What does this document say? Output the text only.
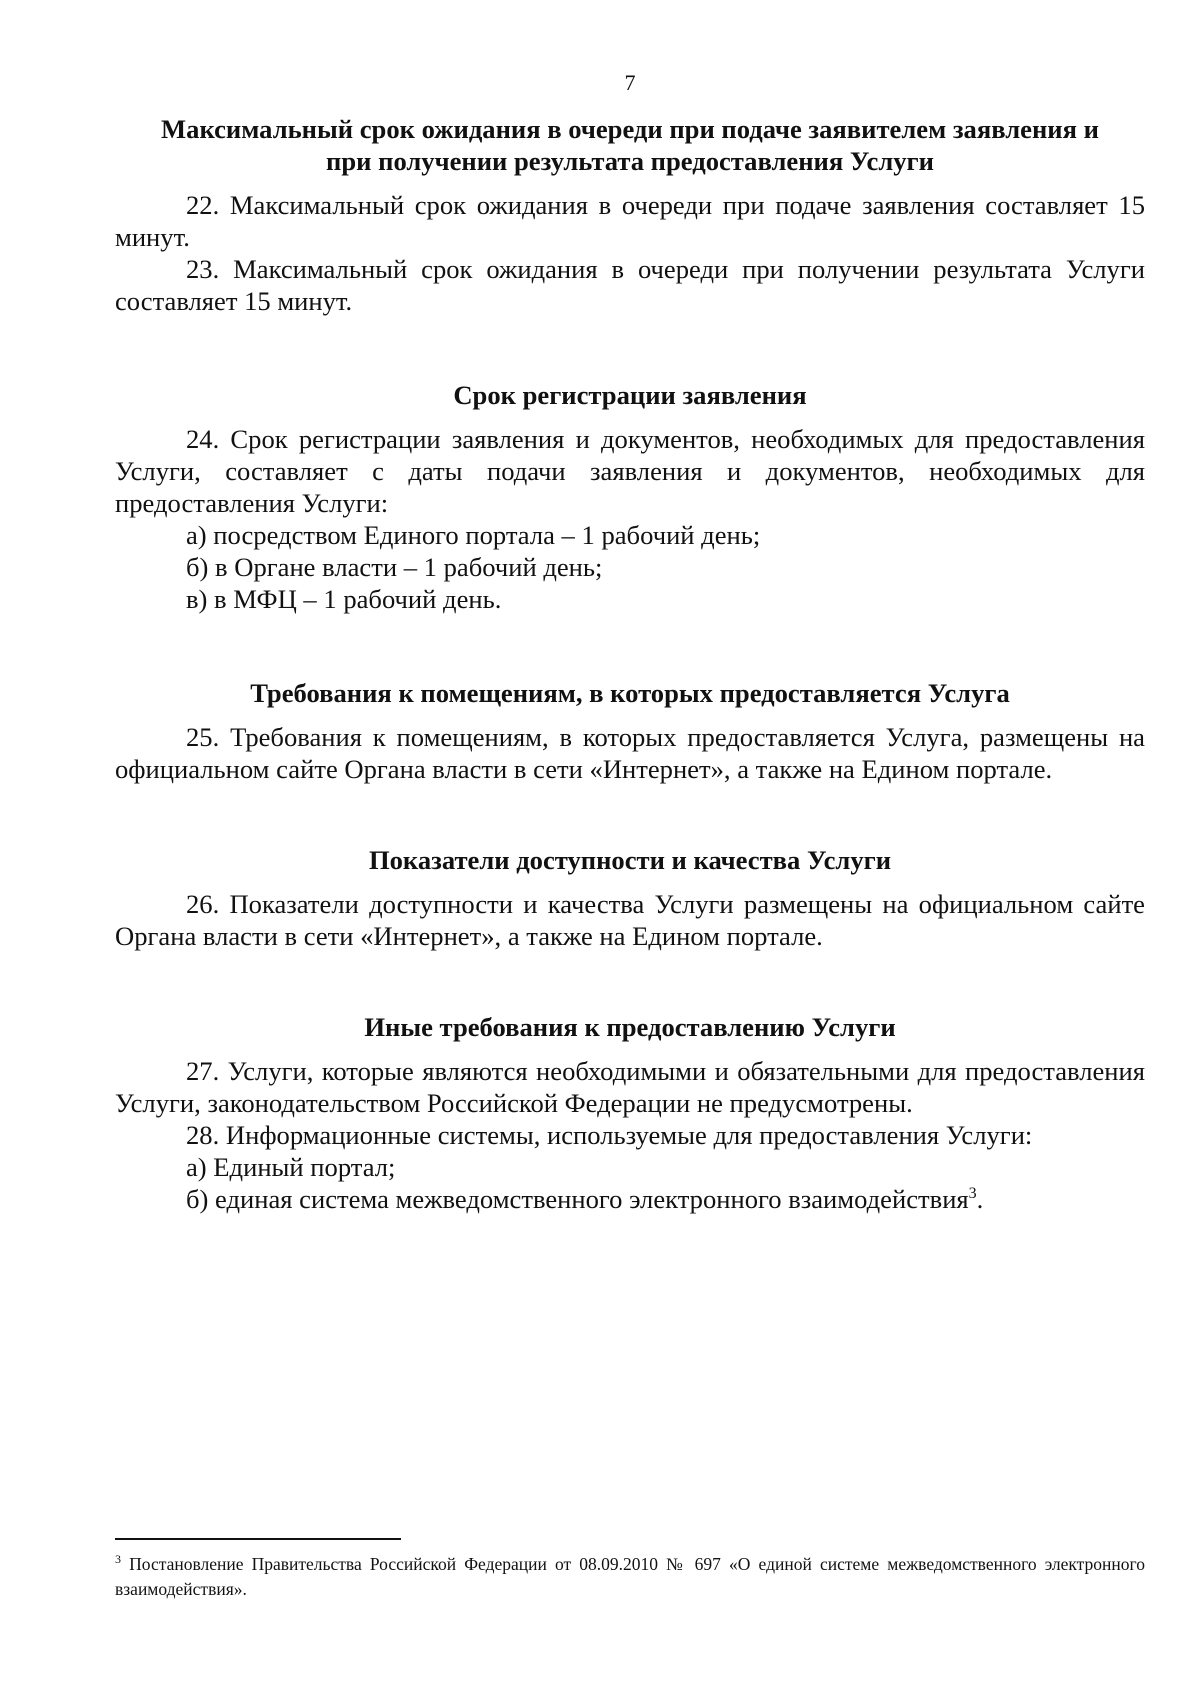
7

Максимальный срок ожидания в очереди при подаче заявителем заявления и
при получении результата предоставления Услуги

22. Максимальный срок ожидания в очереди при подаче заявления составляет 15 минут.

23. Максимальный срок ожидания в очереди при получении результата Услуги составляет 15 минут.

Срок регистрации заявления

24. Срок регистрации заявления и документов, необходимых для предоставления Услуги, составляет с даты подачи заявления и документов, необходимых для предоставления Услуги:

а) посредством Единого портала – 1 рабочий день;

б) в Органе власти – 1 рабочий день;

в) в МФЦ – 1 рабочий день.

Требования к помещениям, в которых предоставляется Услуга

25. Требования к помещениям, в которых предоставляется Услуга, размещены на официальном сайте Органа власти в сети «Интернет», а также на Едином портале.

Показатели доступности и качества Услуги

26. Показатели доступности и качества Услуги размещены на официальном сайте Органа власти в сети «Интернет», а также на Едином портале.

Иные требования к предоставлению Услуги

27. Услуги, которые являются необходимыми и обязательными для предоставления Услуги, законодательством Российской Федерации не предусмотрены.

28. Информационные системы, используемые для предоставления Услуги:

а) Единый портал;

б) единая система межведомственного электронного взаимодействия$^3$.

$^3$ Постановление Правительства Российской Федерации от 08.09.2010 № 697 «О единой системе межведомственного электронного взаимодействия».
